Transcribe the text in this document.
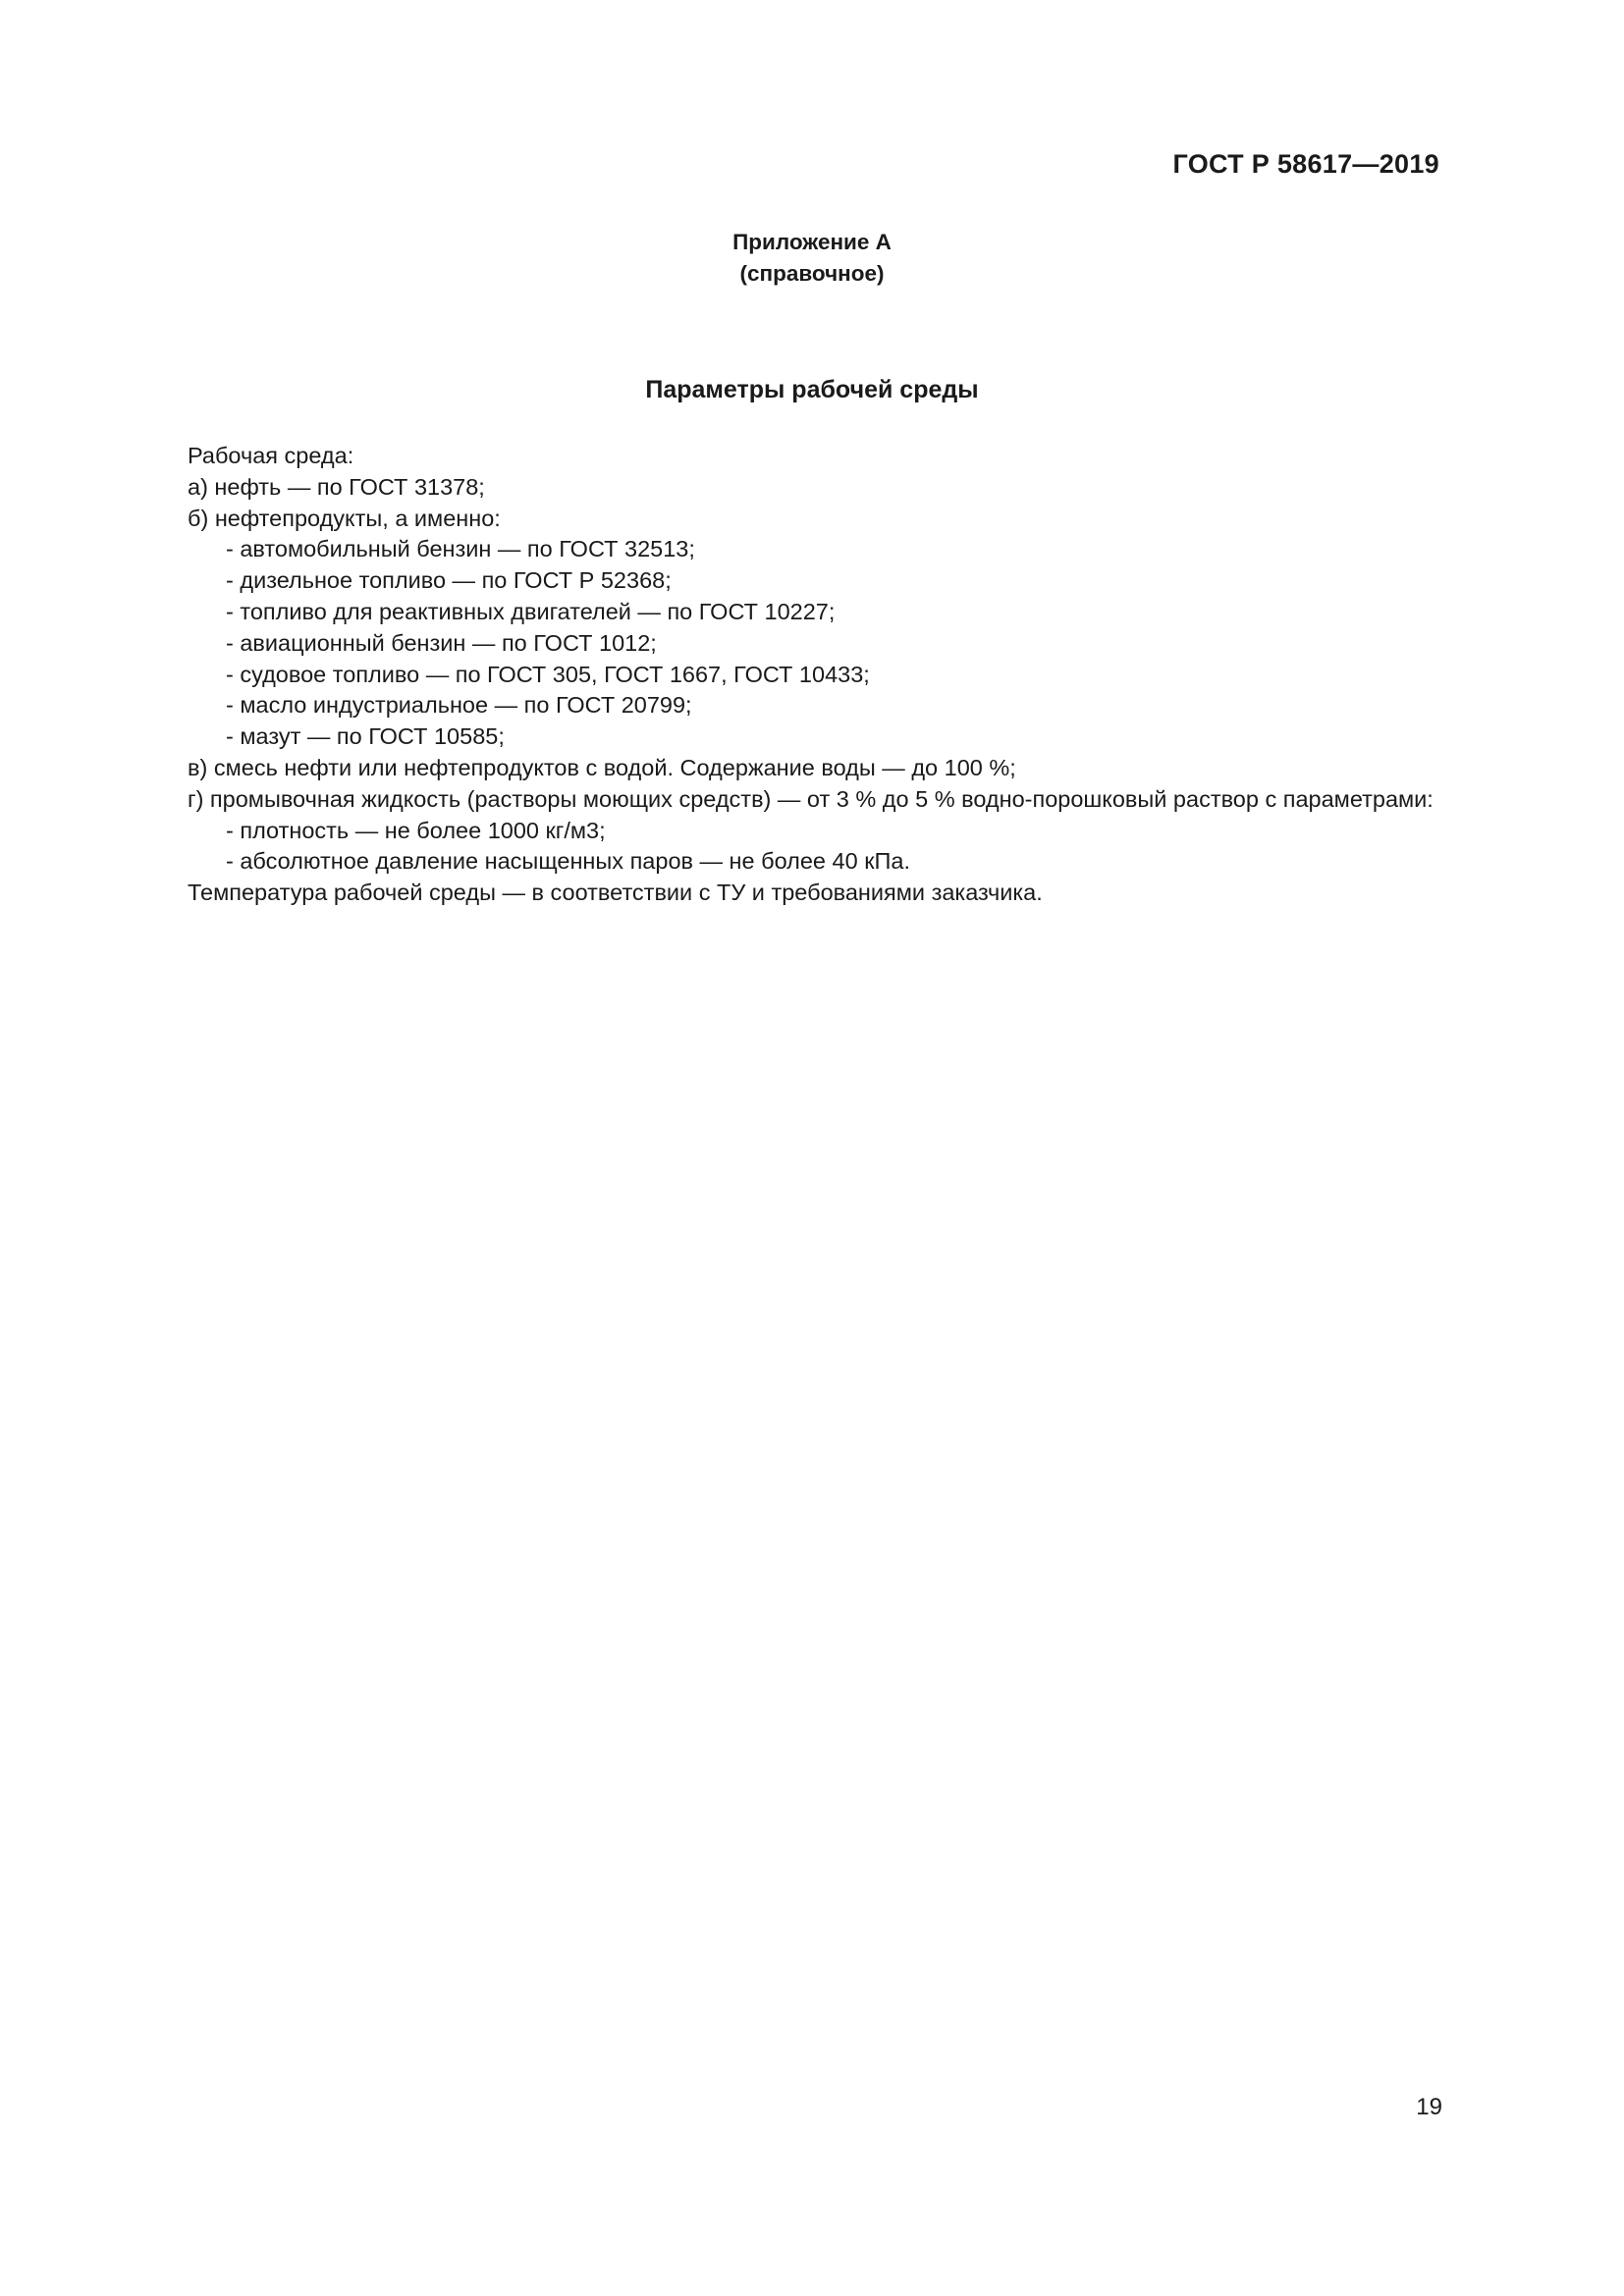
ГОСТ Р 58617—2019
Приложение А
(справочное)
Параметры рабочей среды
Рабочая среда:
а) нефть — по ГОСТ 31378;
б) нефтепродукты, а именно:
- автомобильный бензин — по ГОСТ 32513;
- дизельное топливо — по ГОСТ Р 52368;
- топливо для реактивных двигателей — по ГОСТ 10227;
- авиационный бензин — по ГОСТ 1012;
- судовое топливо — по ГОСТ 305, ГОСТ 1667, ГОСТ 10433;
- масло индустриальное — по ГОСТ 20799;
- мазут — по ГОСТ 10585;
в) смесь нефти или нефтепродуктов с водой. Содержание воды — до 100 %;
г) промывочная жидкость (растворы моющих средств) — от 3 % до 5 % водно-порошковый раствор с параметрами:
- плотность — не более 1000 кг/м3;
- абсолютное давление насыщенных паров — не более 40 кПа.
Температура рабочей среды — в соответствии с ТУ и требованиями заказчика.
19
